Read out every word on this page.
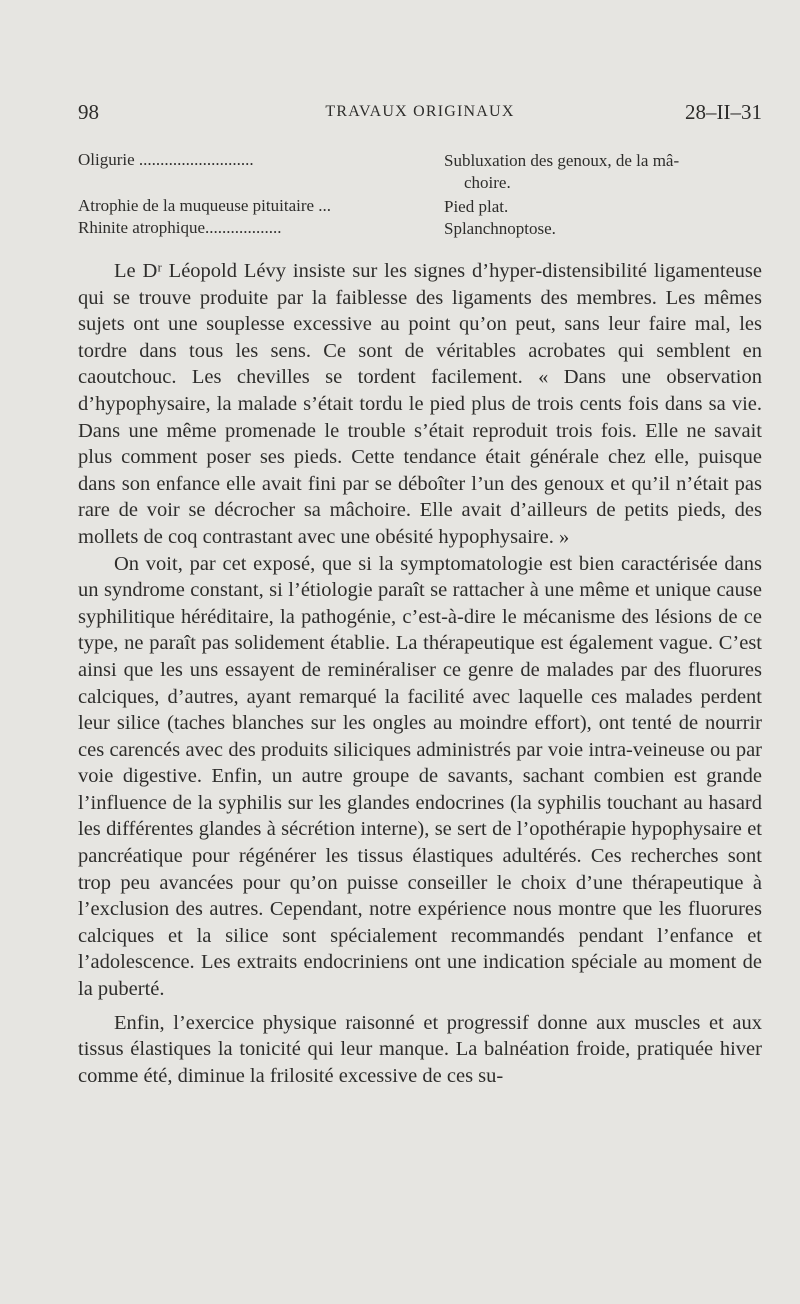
98	TRAVAUX ORIGINAUX	28–II–31
Oligurie ...........................	Subluxation des genoux, de la mâ-
choire.
Atrophie de la muqueuse pituitaire ...	Pied plat.
Rhinite atrophique..................	Splanchnoptose.

Le Dʳ Léopold Lévy insiste sur les signes d’hyper-distensibilité ligamenteuse qui se trouve produite par la faiblesse des ligaments des membres. Les mêmes sujets ont une souplesse excessive au point qu’on peut, sans leur faire mal, les tordre dans tous les sens. Ce sont de véritables acrobates qui semblent en caoutchouc. Les chevilles se tordent facilement. « Dans une observation d’hypophysaire, la malade s’était tordu le pied plus de trois cents fois dans sa vie. Dans une même promenade le trouble s’était reproduit trois fois. Elle ne savait plus comment poser ses pieds. Cette tendance était générale chez elle, puisque dans son enfance elle avait fini par se déboîter l’un des genoux et qu’il n’était pas rare de voir se décrocher sa mâchoire. Elle avait d’ailleurs de petits pieds, des mollets de coq contrastant avec une obésité hypophysaire. »

On voit, par cet exposé, que si la symptomatologie est bien caractérisée dans un syndrome constant, si l’étiologie paraît se rattacher à une même et unique cause syphilitique héréditaire, la pathogénie, c’est-à-dire le mécanisme des lésions de ce type, ne paraît pas solidement établie. La thérapeutique est également vague. C’est ainsi que les uns essayent de reminéraliser ce genre de malades par des fluorures calciques, d’autres, ayant remarqué la facilité avec laquelle ces malades perdent leur silice (taches blanches sur les ongles au moindre effort), ont tenté de nourrir ces carencés avec des produits siliciques administrés par voie intra-veineuse ou par voie digestive. Enfin, un autre groupe de savants, sachant combien est grande l’influence de la syphilis sur les glandes endocrines (la syphilis touchant au hasard les différentes glandes à sécrétion interne), se sert de l’opothérapie hypophysaire et pancréatique pour régénérer les tissus élastiques adultérés. Ces recherches sont trop peu avancées pour qu’on puisse conseiller le choix d’une thérapeutique à l’exclusion des autres. Cependant, notre expérience nous montre que les fluorures calciques et la silice sont spécialement recommandés pendant l’enfance et l’adolescence. Les extraits endocriniens ont une indication spéciale au moment de la puberté.

Enfin, l’exercice physique raisonné et progressif donne aux muscles et aux tissus élastiques la tonicité qui leur manque. La balnéation froide, pratiquée hiver comme été, diminue la frilosité excessive de ces su-
